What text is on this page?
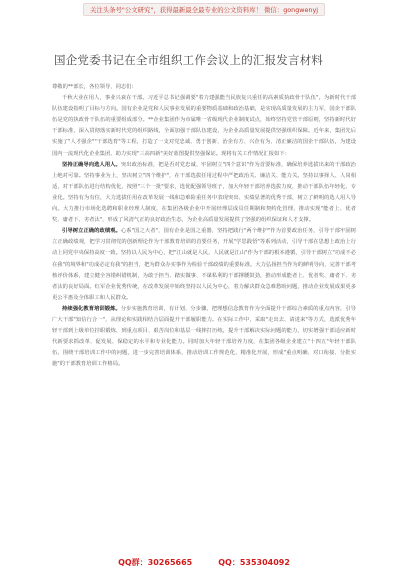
关注头条号"公文研究"，获得最新最全最专业的公文资料库！ 微信：gongwenyj
国企党委书记在全市组织工作会议上的汇报发言材料

尊敬的**部长，各位领导，同志们：

千秋大业在用人，事业兴衰在干部。习近平总书记强调要"着力建强能当民族复兴重任的高素质执政骨干队伍"，为新时代干部队伍建设指明了目标与方向。国有企业是党和人民事业发展的重要物质基础和政治基础，是实现高质量发展的主力军，国企干部队伍是党的执政骨干队伍的重要组成部分。**企业集团作为市属唯一省级现代企业制度试点，始终坚持党管干部原则，坚持新时代好干部标准，深入贯彻落实新时代党的组织路线，全面加强干部队伍建设，为企业高质量发展提供坚强组织保障。近年来，集团先后实施了"人才强企""干部选育"等工程，打造了一支对党忠诚、勇于创新、治企有方、兴企有为、清正廉洁的国企干部队伍，为建设国内一流现代化企业集团、助力实现"三高四新"美好蓝图提供坚强保证。现将有关工作情况汇报如下：

坚持正确导向选人用人。突出政治标准，把是否对党忠诚、牢固树立"四个意识"作为首要标准，确保培养选拔出来的干部政治上绝对可靠。坚持事业为上，坚决树立"四个维护"，在干部选拔任用过程中严把政治关、廉洁关、能力关。坚持以事择人、人岗相适，对干部队伍进行结构优化，按照"三个一批"要求，选优配强领导班子，加大年轻干部培养选拔力度，推动干部队伍年轻化、专业化。坚持有为有位，大力选拔任用在改革发展一线和急难险重任务中表现突出、实绩显著的优秀干部，树立了鲜明的选人用人导向。大力推行市场化选聘和职业经理人制度，在集团各级企业中开展经理层成员任期制和契约化管理，推动实现"能者上、优者奖、庸者下、劣者汰"，形成了风清气正的良好政治生态，为企业高质量发展提供了坚强的组织保证和人才支撑。

引导树立正确的政绩观。心系"国之大者"，国有企业是国之重器，坚持把践行"两个维护"作为首要政治任务，引导干部牢固树立正确政绩观，把学习贯彻党的创新理论作为干部教育培训的首要任务，开展"学思践悟"等系列活动，引导干部在思想上政治上行动上同党中央保持高度一致。坚持以人民为中心，把"江山就是人民，人民就是江山"作为干部的根本遵循，引导干部树立"功成不必在我"的境界和"功成必定有我"的担当，把为群众办实事作为检验干部政绩的重要标准。大力弘扬担当作为的鲜明导向，完善干部考核评价体系，建立健全容错纠错机制，为敢于担当、踏实做事、不谋私利的干部撑腰鼓劲，推动形成能者上、优者奖、庸者下、劣者汰的良好局面。红军企业优秀传统，在改革发展中始终坚持以人民为中心，着力解决群众急难愁盼问题，推动企业发展成果更多更公平惠及全体职工和人民群众。

持续强化教育培训锻炼。分步实施教育培训，有计划、分步骤，把理想信念教育作为全面提升干部综合素质的重点内容，引导广大干部"知信行合一"，从理论和实践相结合层面提升干部履职能力。在实际工作中，采取"走出去、请进来"等方式，选派优秀年轻干部到上级单位挂职锻炼，到重点项目、艰苦岗位和基层一线摔打历练，提升干部解决实际问题的能力，切实增强干部适应新时代新要求抓改革、促发展、保稳定的水平和专业化能力。同时加大年轻干部培养力度，在集团各级企业建立"十四五"年轻干部队伍，围绕干部培训工作中的问题，进一步完善培训体系，推动培训工作规范化、精准化开展，形成"重点明确、对口衔接、分批实施"的干部教育培训工作格局。

QQ群：30265665	QQ：535304092
